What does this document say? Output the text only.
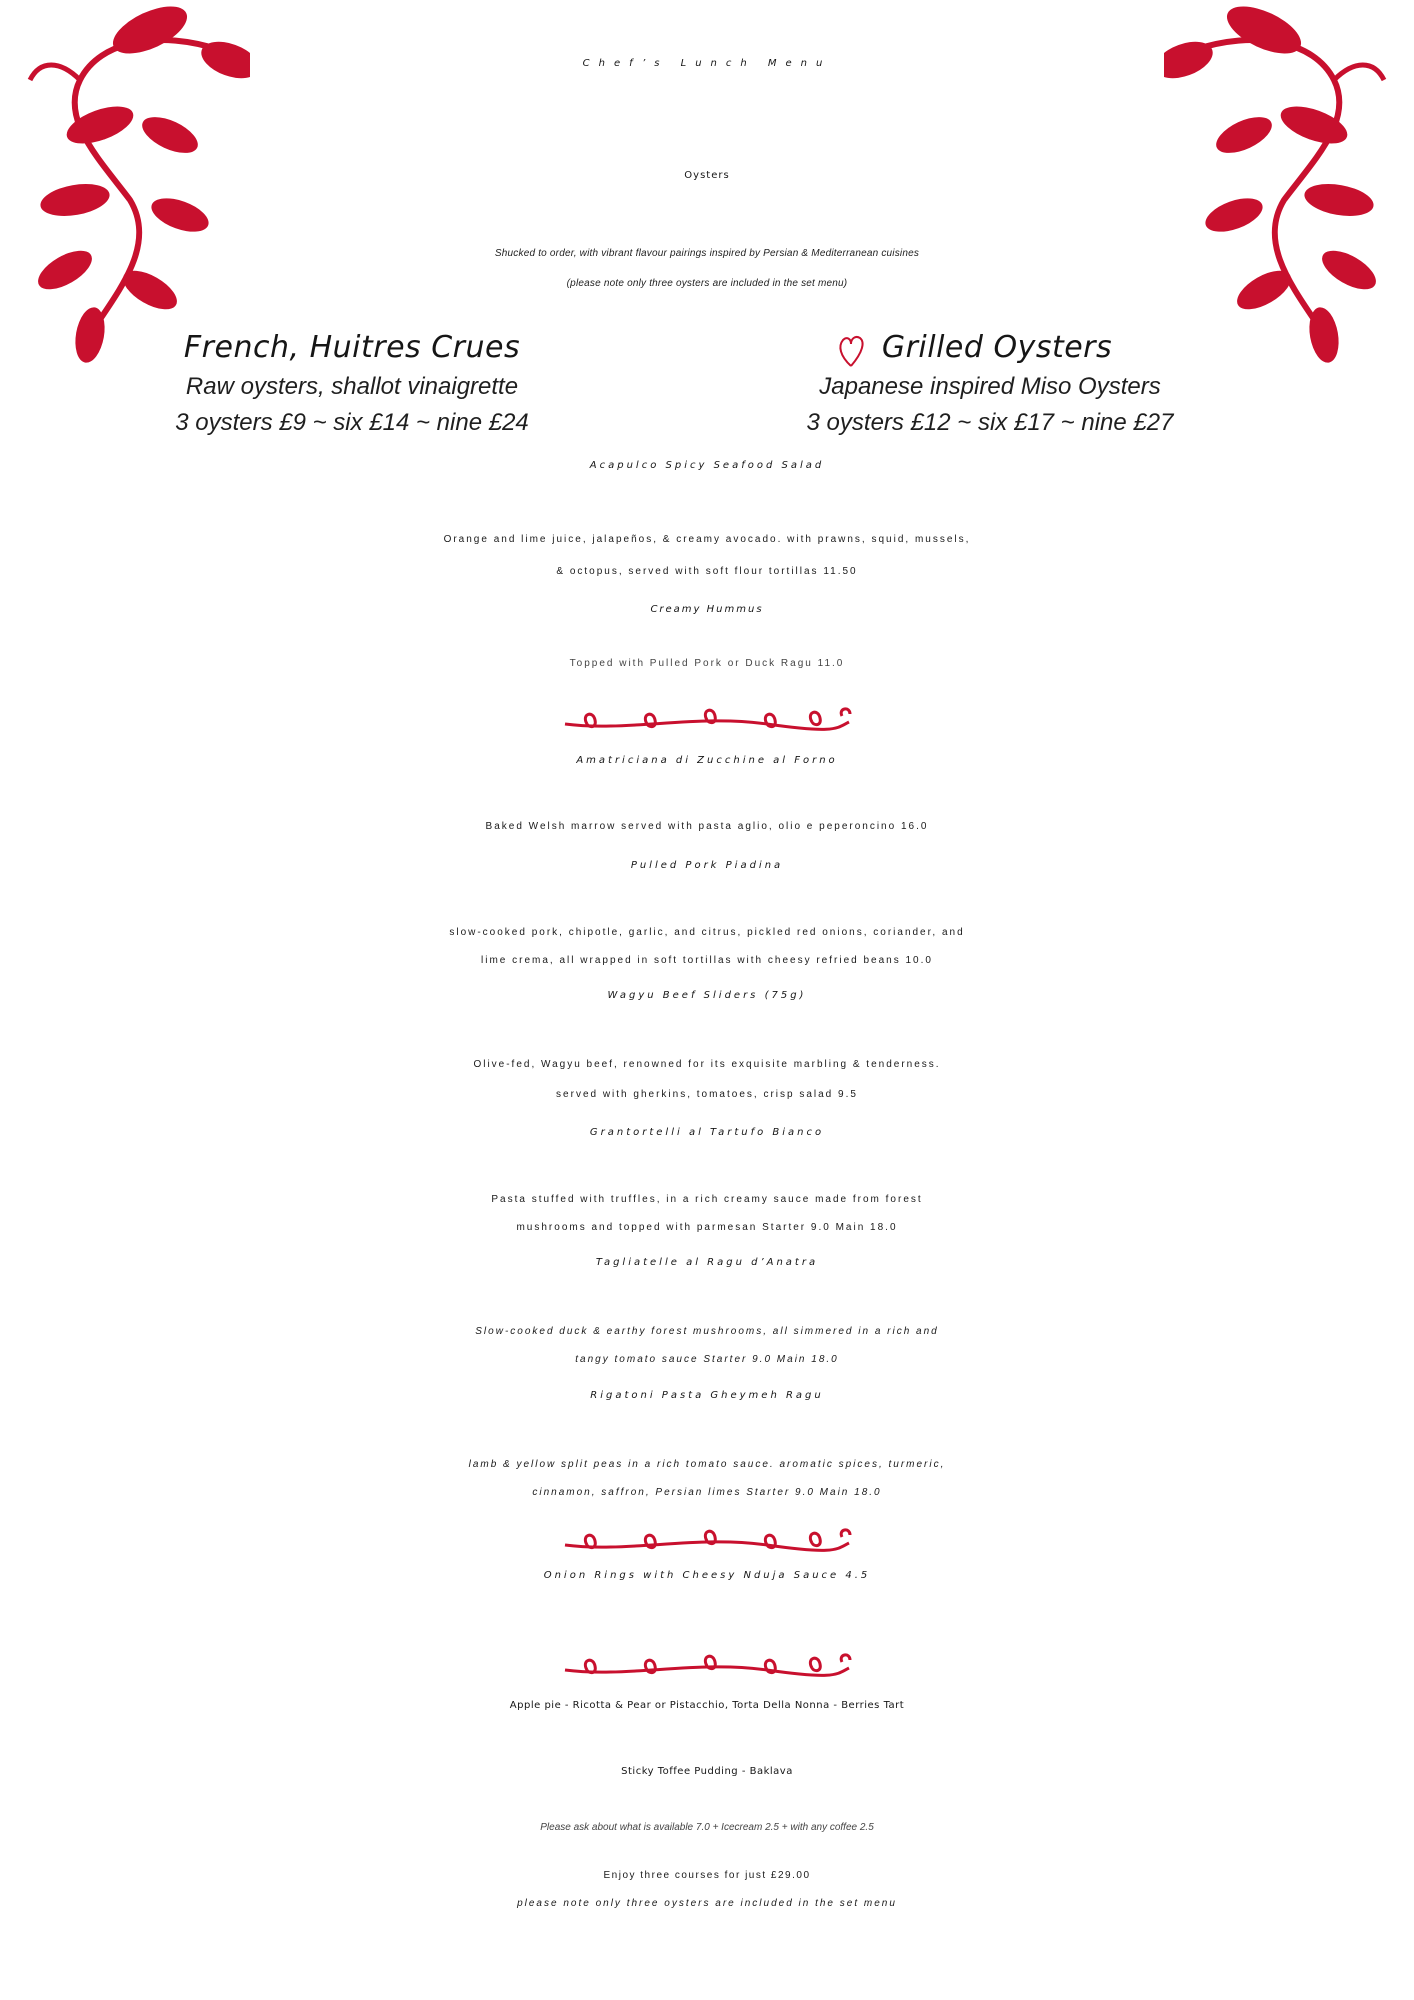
Chef’s Lunch Menu
Oysters
Shucked to order, with vibrant flavour pairings inspired by Persian & Mediterranean cuisines
(please note only three oysters are included in the set menu)
French, Huitres Crues
Raw oysters, shallot vinaigrette
3 oysters £9 ~ six £14 ~ nine £24
Grilled Oysters
Japanese inspired Miso Oysters
3 oysters £12 ~ six £17 ~ nine £27
Acapulco Spicy Seafood Salad
Orange and lime juice, jalapeños, & creamy avocado. with prawns, squid, mussels,
& octopus, served with soft flour tortillas 11.50
Creamy Hummus
Topped with Pulled Pork or Duck Ragu 11.0
Amatriciana di Zucchine al Forno
Baked Welsh marrow served with pasta aglio, olio e peperoncino 16.0
Pulled Pork Piadina
slow-cooked pork, chipotle, garlic, and citrus, pickled red onions, coriander, and
lime crema, all wrapped in soft tortillas with cheesy refried beans 10.0
Wagyu Beef Sliders (75g)
Olive-fed, Wagyu beef, renowned for its exquisite marbling & tenderness.
served with gherkins, tomatoes, crisp salad 9.5
Grantortelli al Tartufo Bianco
Pasta stuffed with truffles, in a rich creamy sauce made from forest
mushrooms and topped with parmesan Starter 9.0 Main 18.0
Tagliatelle al Ragu d’Anatra
Slow-cooked duck & earthy forest mushrooms, all simmered in a rich and
tangy tomato sauce Starter 9.0 Main 18.0
Rigatoni Pasta Gheymeh Ragu
lamb & yellow split peas in a rich tomato sauce. aromatic spices, turmeric,
cinnamon, saffron, Persian limes Starter 9.0 Main 18.0
Onion Rings with Cheesy Nduja Sauce 4.5
Apple pie - Ricotta & Pear or Pistacchio, Torta Della Nonna - Berries Tart
Sticky Toffee Pudding - Baklava
Please ask about what is available 7.0 + Icecream 2.5 + with any coffee 2.5
Enjoy three courses for just £29.00
please note only three oysters are included in the set menu
